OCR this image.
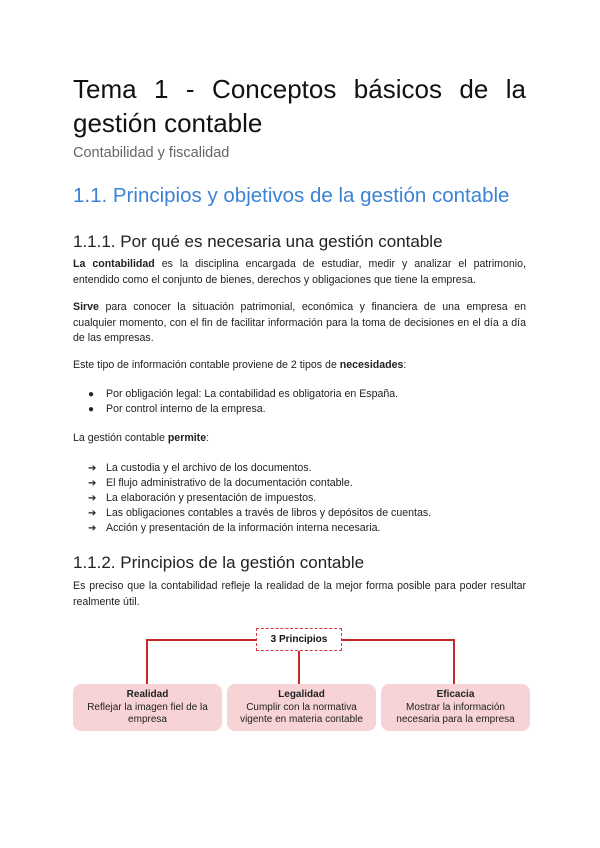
Tema 1 - Conceptos básicos de la
gestión contable

Contabilidad y fiscalidad

1.1. Principios y objetivos de la gestión contable
1.1.1. Por qué es necesaria una gestión contable

La contabilidad es la disciplina encargada de estudiar, medir y analizar el patrimonio, entendido como el conjunto de bienes, derechos y obligaciones que tiene la empresa.

Sirve para conocer la situación patrimonial, económica y financiera de una empresa en cualquier momento, con el fin de facilitar información para la toma de decisiones en el día a día de las empresas.

Este tipo de información contable proviene de 2 tipos de necesidades:

●	Por obligación legal: La contabilidad es obligatoria en España.
●	Por control interno de la empresa.

La gestión contable permite:

➔ La custodia y el archivo de los documentos.
➔ El flujo administrativo de la documentación contable.
➔ La elaboración y presentación de impuestos.
➔ Las obligaciones contables a través de libros y depósitos de cuentas.
➔ Acción y presentación de la información interna necesaria.
1.1.2. Principios de la gestión contable

Es preciso que la contabilidad refleje la realidad de la mejor forma posible para poder resultar realmente útil.

3 Principios
Realidad
Reflejar la imagen fiel de la
empresa
Legalidad
Cumplir con la normativa
vigente en materia contable
Eficacia
Mostrar la información
necesaria para la empresa
